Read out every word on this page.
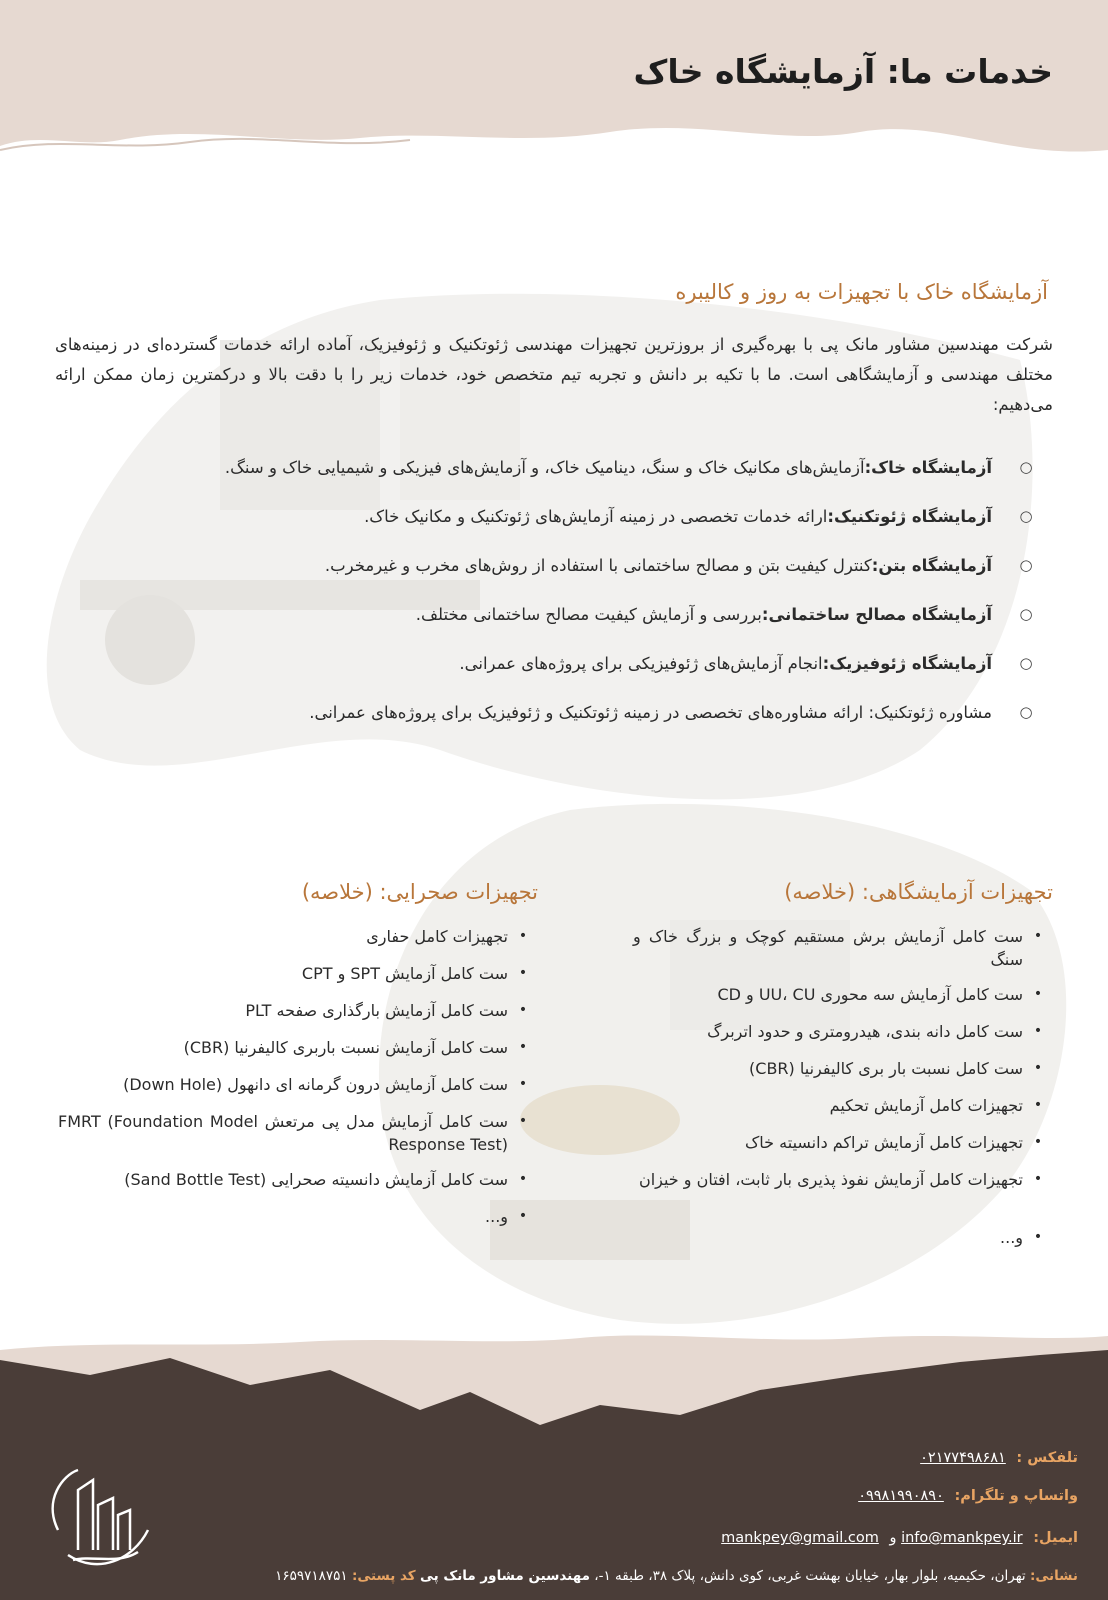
خدمات ما: آزمایشگاه خاک
آزمایشگاه خاک با تجهیزات به روز و کالیبره
شرکت مهندسین مشاور مانک پی با بهره‌گیری از بروزترین تجهیزات مهندسی ژئوتکنیک و ژئوفیزیک، آماده ارائه خدمات گسترده‌ای در زمینه‌های مختلف مهندسی و آزمایشگاهی است. ما با تکیه بر دانش و تجربه تیم متخصص خود، خدمات زیر را با دقت بالا و درکمترین زمان ممکن ارائه می‌دهیم:
○
آزمایشگاه خاک:
آزمایش‌های مکانیک خاک و سنگ، دینامیک خاک، و آزمایش‌های فیزیکی و شیمیایی خاک و سنگ.
○
آزمایشگاه ژئوتکنیک:
ارائه خدمات تخصصی در زمینه آزمایش‌های ژئوتکنیک و مکانیک خاک.
○
آزمایشگاه بتن:
کنترل کیفیت بتن و مصالح ساختمانی با استفاده از روش‌های مخرب و غیرمخرب.
○
آزمایشگاه مصالح ساختمانی:
بررسی و آزمایش کیفیت مصالح ساختمانی مختلف.
○
آزمایشگاه ژئوفیزیک:
انجام آزمایش‌های ژئوفیزیکی برای پروژه‌های عمرانی.
○
مشاوره ژئوتکنیک: ارائه مشاوره‌های تخصصی در زمینه ژئوتکنیک و ژئوفیزیک برای پروژه‌های عمرانی.
تجهیزات آزمایشگاهی: (خلاصه)
•
ست کامل آزمایش برش مستقیم کوچک و بزرگ خاک و سنگ
•
ست کامل آزمایش سه محوری UU، CU و CD
•
ست کامل دانه بندی، هیدرومتری و حدود اتربرگ
•
ست کامل نسبت بار بری کالیفرنیا (CBR)
•
تجهیزات کامل آزمایش تحکیم
•
تجهیزات کامل آزمایش تراکم دانسیته خاک
•
تجهیزات کامل آزمایش نفوذ پذیری بار ثابت، افتان و خیزان
•
و...
تجهیزات صحرایی: (خلاصه)
•
تجهیزات کامل حفاری
•
ست کامل آزمایش SPT و CPT
•
ست کامل آزمایش بارگذاری صفحه PLT
•
ست کامل آزمایش نسبت باربری کالیفرنیا (CBR)
•
ست کامل آزمایش درون گرمانه ای دانهول (Down Hole)
•
ست کامل آزمایش مدل پی مرتعش FMRT (Foundation Model Response Test)
•
ست کامل آزمایش دانسیته صحرایی (Sand Bottle Test)
•
و...
تلفکس : ۰۲۱۷۷۴۹۸۶۸۱
واتساپ و تلگرام: ۰۹۹۸۱۹۹۰۸۹۰
ایمیل: info@mankpey.ir و mankpey@gmail.com
نشانی: تهران، حکیمیه، بلوار بهار، خیابان بهشت غربی، کوی دانش، پلاک ۳۸، طبقه ۱-، مهندسین مشاور مانک پی کد پستی: ۱۶۵۹۷۱۸۷۵۱
